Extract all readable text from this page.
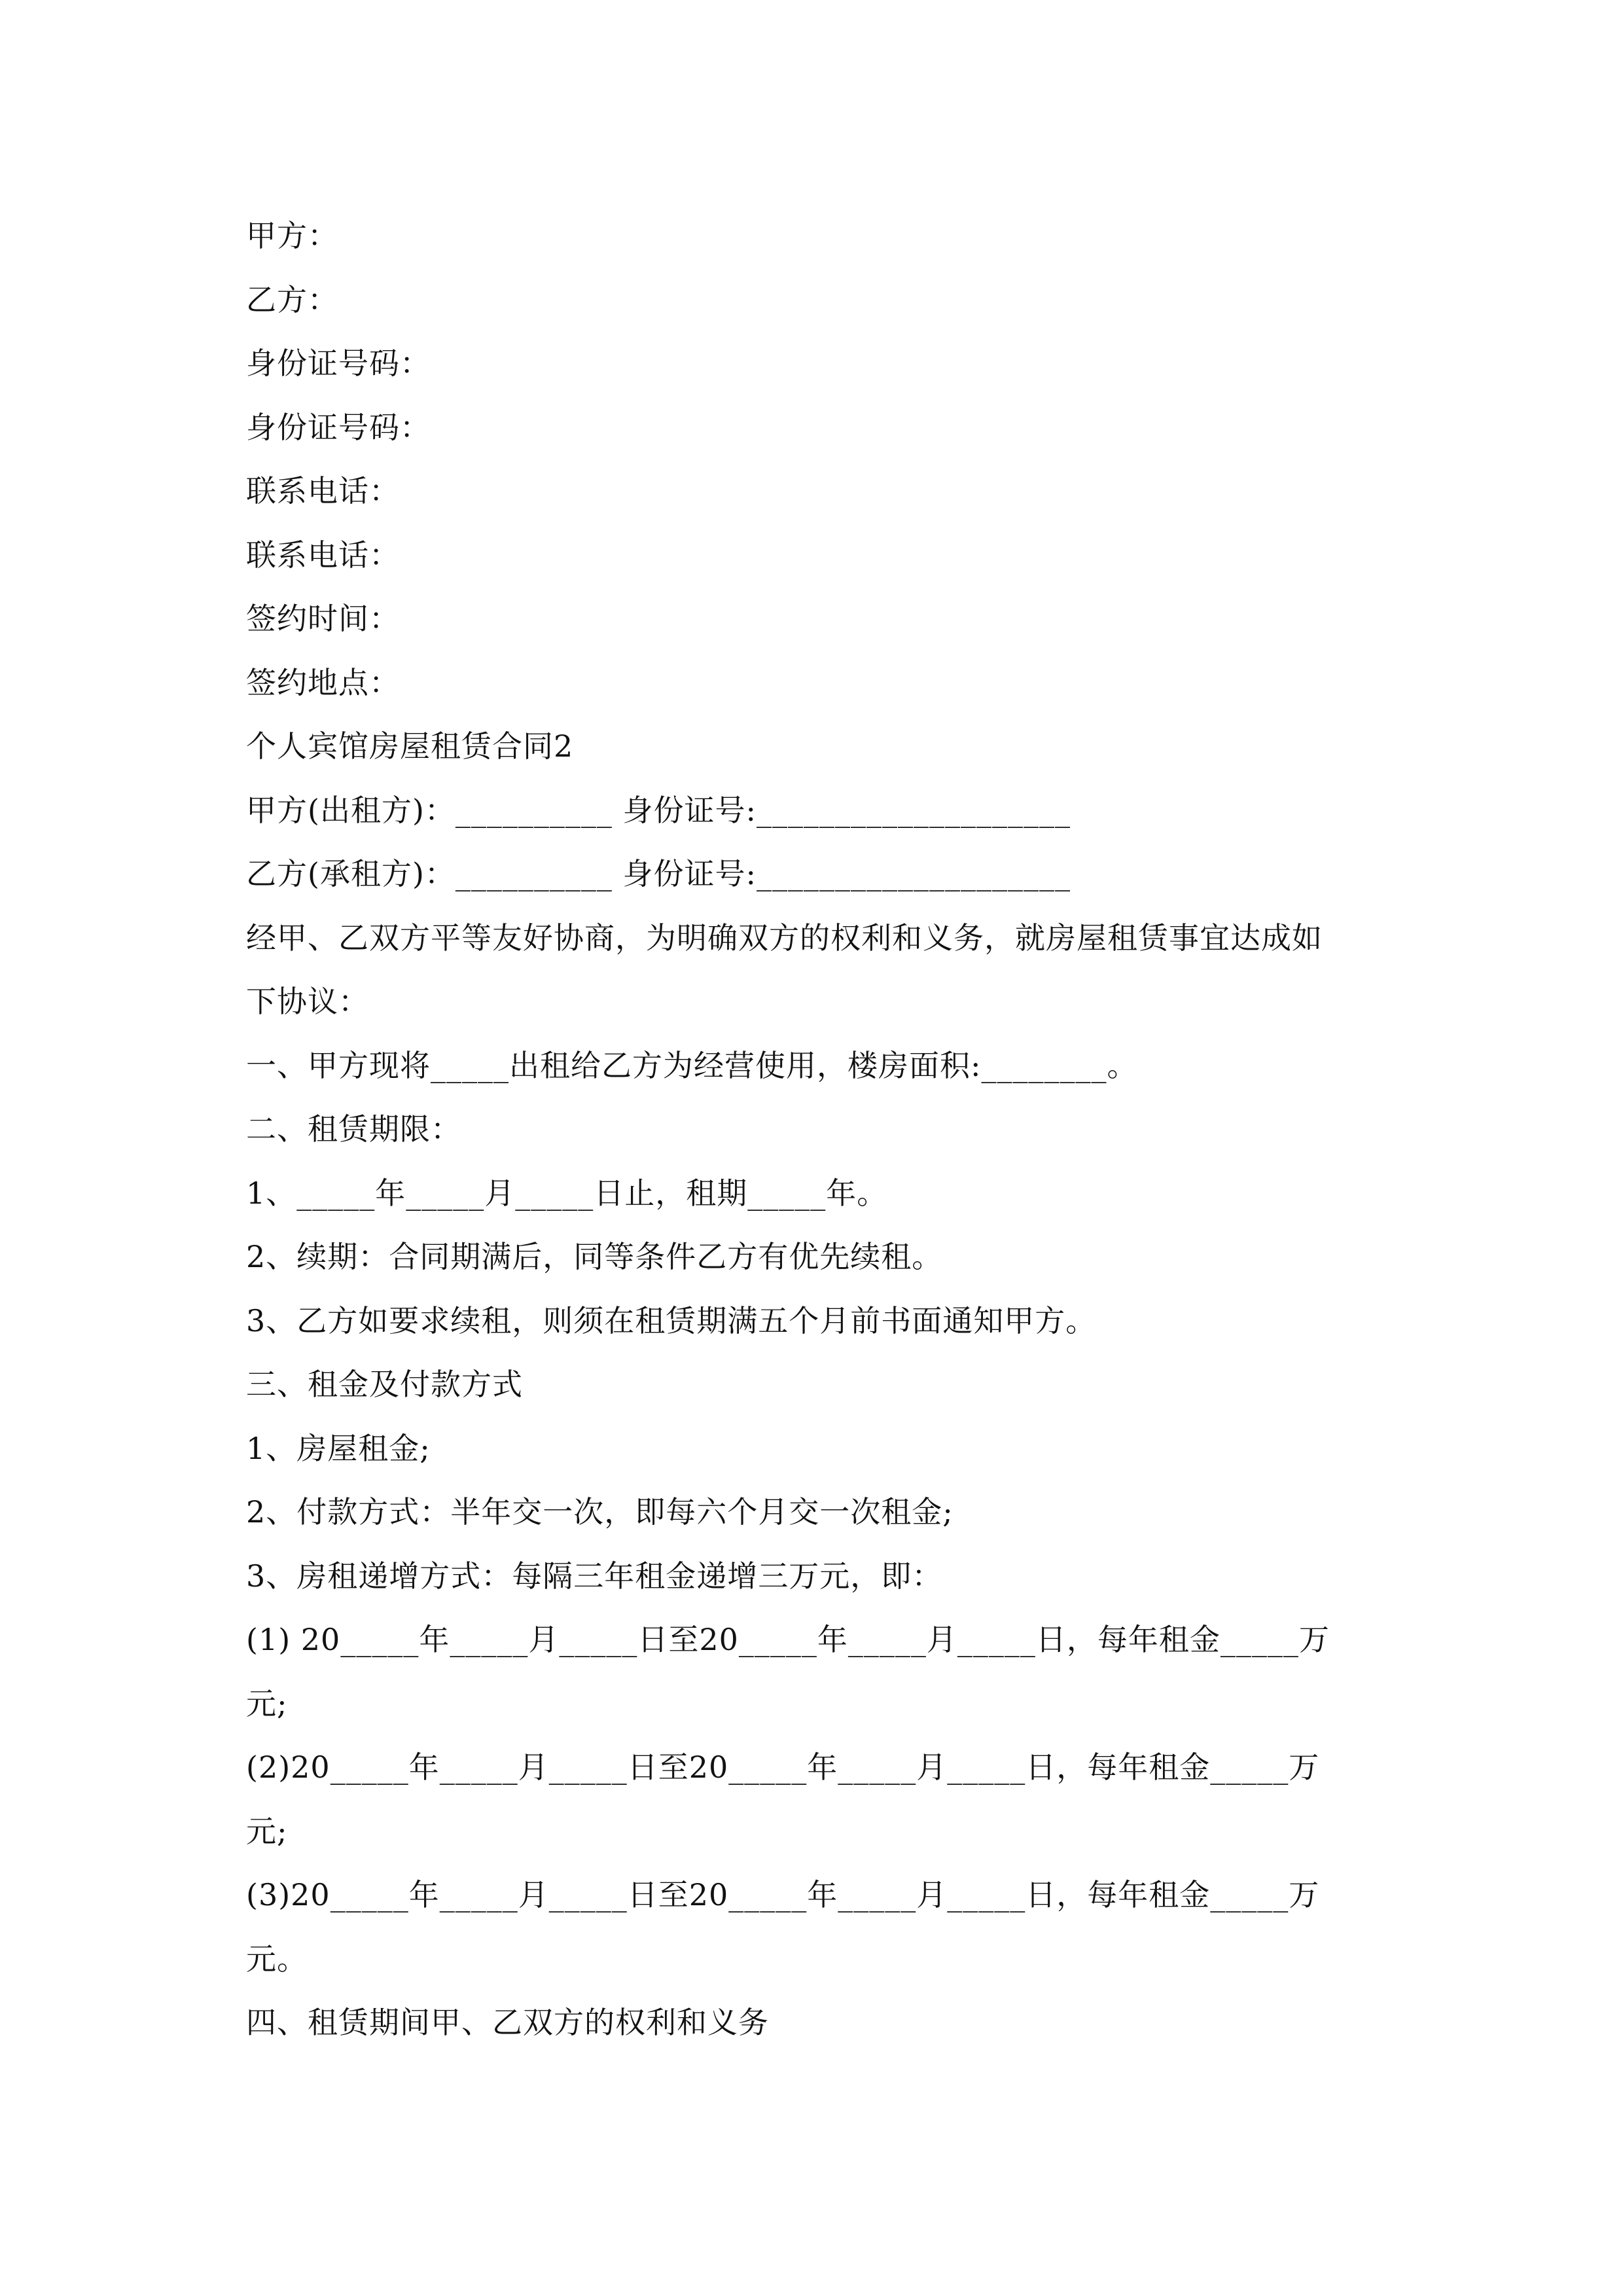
甲方：
乙方：
身份证号码：
身份证号码：
联系电话：
联系电话：
签约时间：
签约地点：
个人宾馆房屋租赁合同2
甲方(出租方)：__________ 身份证号:____________________
乙方(承租方)：__________ 身份证号:____________________
经甲、乙双方平等友好协商，为明确双方的权利和义务，就房屋租赁事宜达成如
下协议：
一、甲方现将_____出租给乙方为经营使用，楼房面积:________。
二、租赁期限：
1、_____年_____月_____日止，租期_____年。
2、续期：合同期满后，同等条件乙方有优先续租。
3、乙方如要求续租，则须在租赁期满五个月前书面通知甲方。
三、租金及付款方式
1、房屋租金;
2、付款方式：半年交一次，即每六个月交一次租金;
3、房租递增方式：每隔三年租金递增三万元，即：
(1) 20_____年_____月_____日至20_____年_____月_____日，每年租金_____万
元;
(2)20_____年_____月_____日至20_____年_____月_____日，每年租金_____万
元;
(3)20_____年_____月_____日至20_____年_____月_____日，每年租金_____万
元。
四、租赁期间甲、乙双方的权利和义务
